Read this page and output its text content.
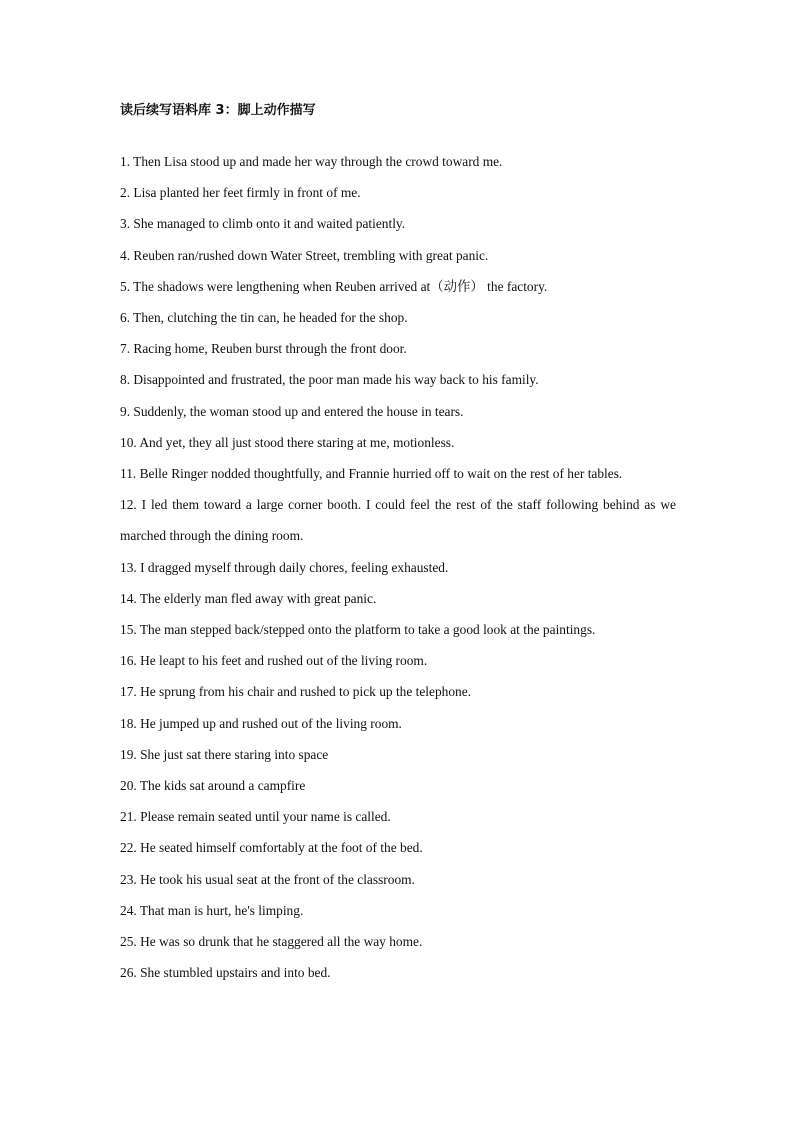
读后续写语料库 3：脚上动作描写
1. Then Lisa stood up and made her way through the crowd toward me.
2. Lisa planted her feet firmly in front of me.
3. She managed to climb onto it and waited patiently.
4. Reuben ran/rushed down Water Street, trembling with great panic.
5. The shadows were lengthening when Reuben arrived at（动作） the factory.
6. Then, clutching the tin can, he headed for the shop.
7. Racing home, Reuben burst through the front door.
8. Disappointed and frustrated, the poor man made his way back to his family.
9. Suddenly, the woman stood up and entered the house in tears.
10. And yet, they all just stood there staring at me, motionless.
11. Belle Ringer nodded thoughtfully, and Frannie hurried off to wait on the rest of her tables.
12. I led them toward a large corner booth. I could feel the rest of the staff following behind as we marched through the dining room.
13. I dragged myself through daily chores, feeling exhausted.
14. The elderly man fled away with great panic.
15. The man stepped back/stepped onto the platform to take a good look at the paintings.
16. He leapt to his feet and rushed out of the living room.
17. He sprung from his chair and rushed to pick up the telephone.
18. He jumped up and rushed out of the living room.
19. She just sat there staring into space
20. The kids sat around a campfire
21. Please remain seated until your name is called.
22. He seated himself comfortably at the foot of the bed.
23. He took his usual seat at the front of the classroom.
24. That man is hurt, he's limping.
25. He was so drunk that he staggered all the way home.
26. She stumbled upstairs and into bed.
